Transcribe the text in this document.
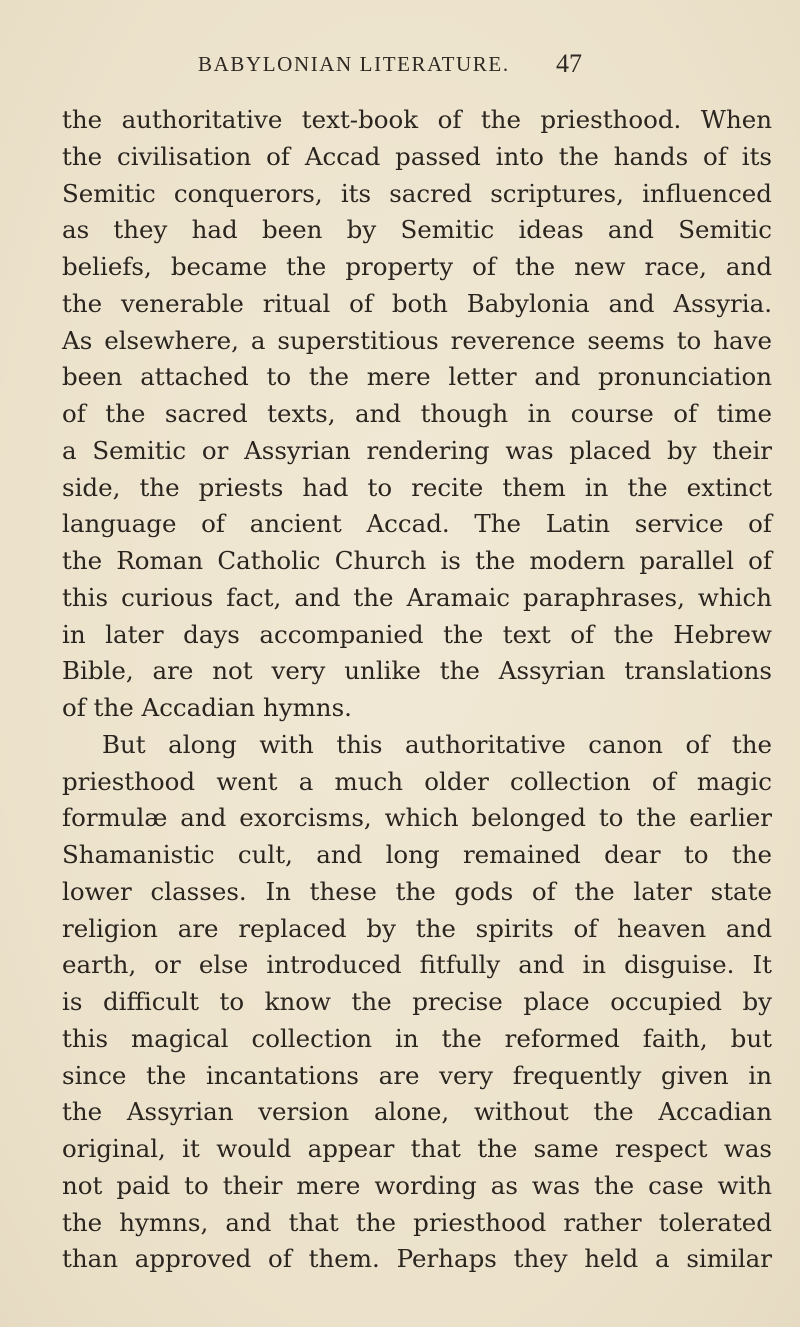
BABYLONIAN LITERATURE. 47
the authoritative text-book of the priesthood. When
the civilisation of Accad passed into the hands of its
Semitic conquerors, its sacred scriptures, influenced
as they had been by Semitic ideas and Semitic
beliefs, became the property of the new race, and
the venerable ritual of both Babylonia and Assyria.
As elsewhere, a superstitious reverence seems to have
been attached to the mere letter and pronunciation
of the sacred texts, and though in course of time
a Semitic or Assyrian rendering was placed by their
side, the priests had to recite them in the extinct
language of ancient Accad. The Latin service of
the Roman Catholic Church is the modern parallel of
this curious fact, and the Aramaic paraphrases, which
in later days accompanied the text of the Hebrew
Bible, are not very unlike the Assyrian translations
of the Accadian hymns.
But along with this authoritative canon of the
priesthood went a much older collection of magic
formulæ and exorcisms, which belonged to the earlier
Shamanistic cult, and long remained dear to the
lower classes. In these the gods of the later state
religion are replaced by the spirits of heaven and
earth, or else introduced fitfully and in disguise. It
is difficult to know the precise place occupied by
this magical collection in the reformed faith, but
since the incantations are very frequently given in
the Assyrian version alone, without the Accadian
original, it would appear that the same respect was
not paid to their mere wording as was the case with
the hymns, and that the priesthood rather tolerated
than approved of them. Perhaps they held a similar
